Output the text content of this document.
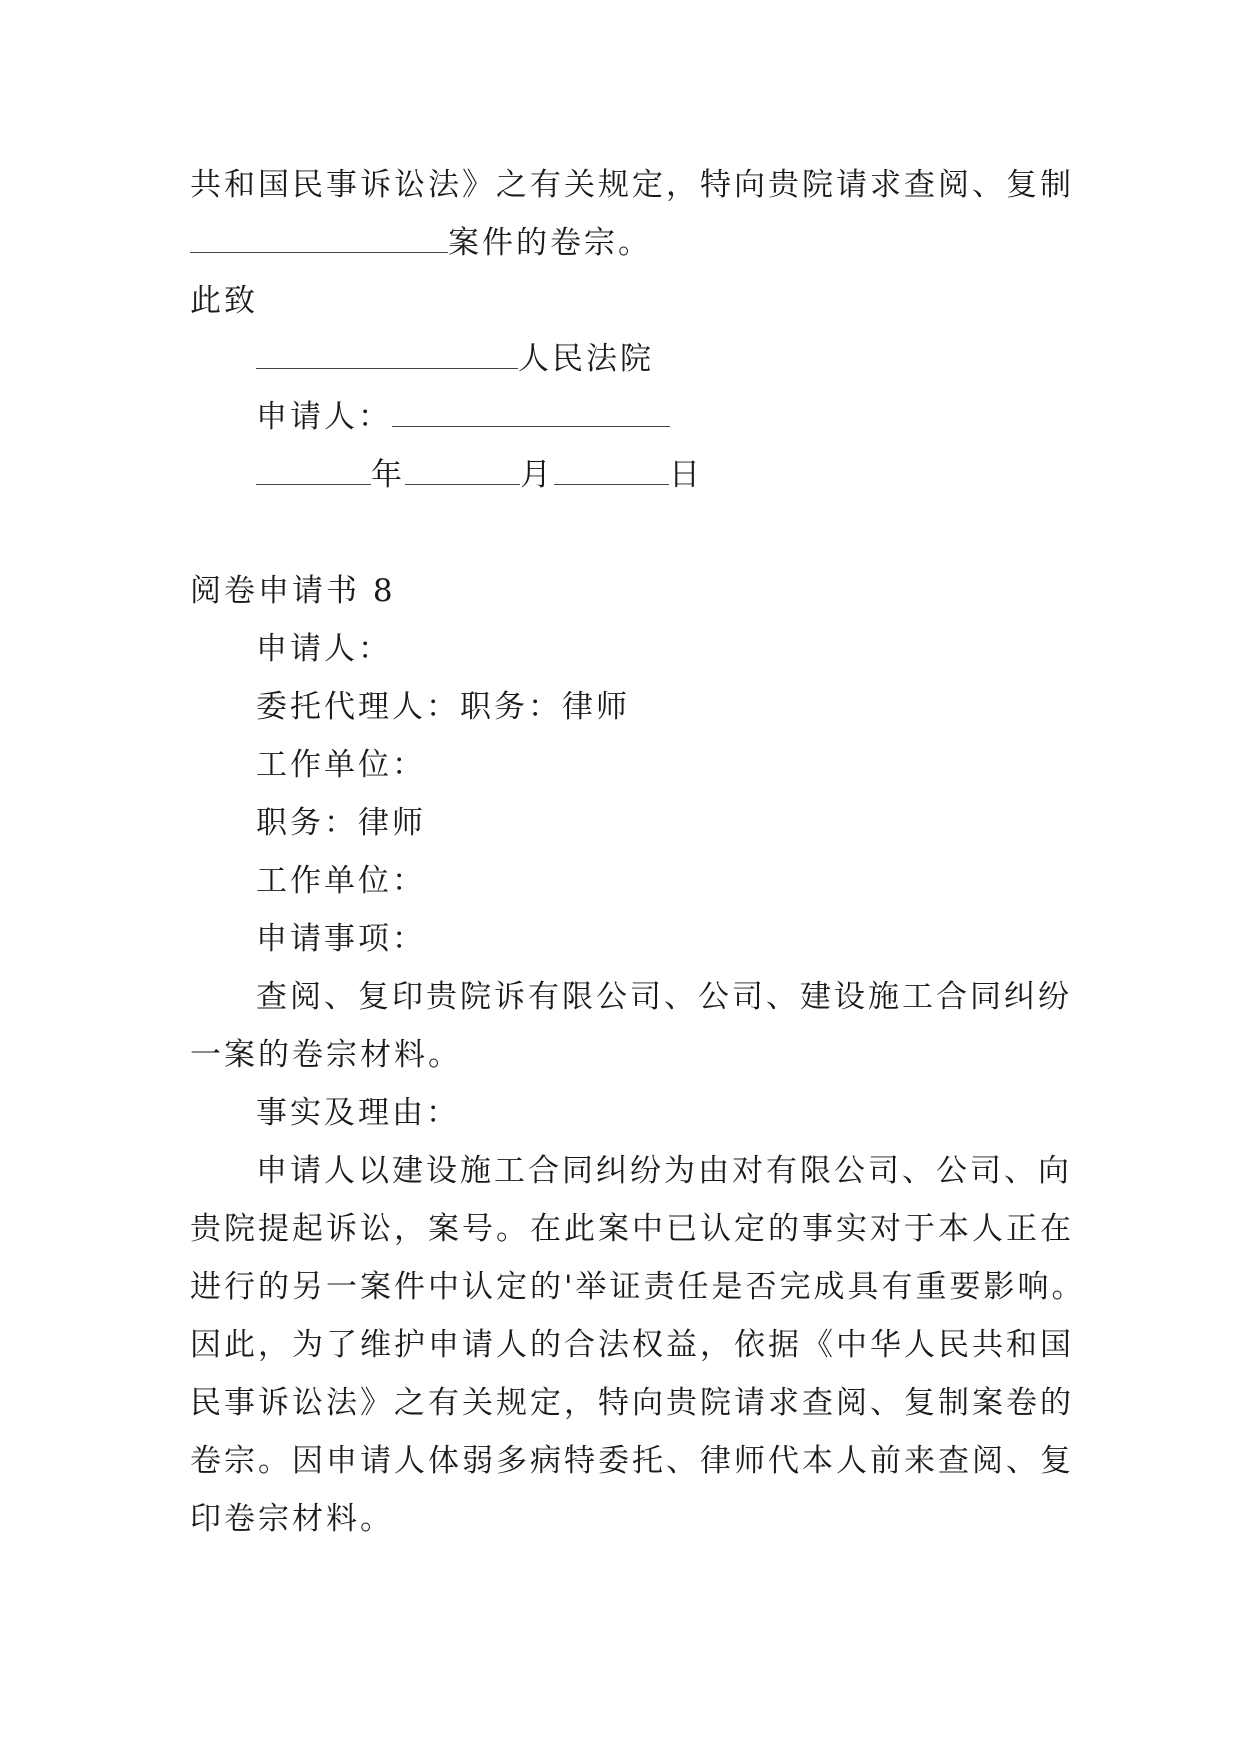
共和国民事诉讼法》之有关规定，特向贵院请求查阅、复制
案件的卷宗。
此致
人民法院
申请人：
年	月	日
阅卷申请书 8
申请人：
委托代理人：职务：律师
工作单位：
职务：律师
工作单位：
申请事项：
查阅、复印贵院诉有限公司、公司、建设施工合同纠纷
一案的卷宗材料。
事实及理由：
申请人以建设施工合同纠纷为由对有限公司、公司、向
贵院提起诉讼，案号。在此案中已认定的事实对于本人正在
进行的另一案件中认定的'举证责任是否完成具有重要影响。
因此，为了维护申请人的合法权益，依据《中华人民共和国
民事诉讼法》之有关规定，特向贵院请求查阅、复制案卷的
卷宗。因申请人体弱多病特委托、律师代本人前来查阅、复
印卷宗材料。
